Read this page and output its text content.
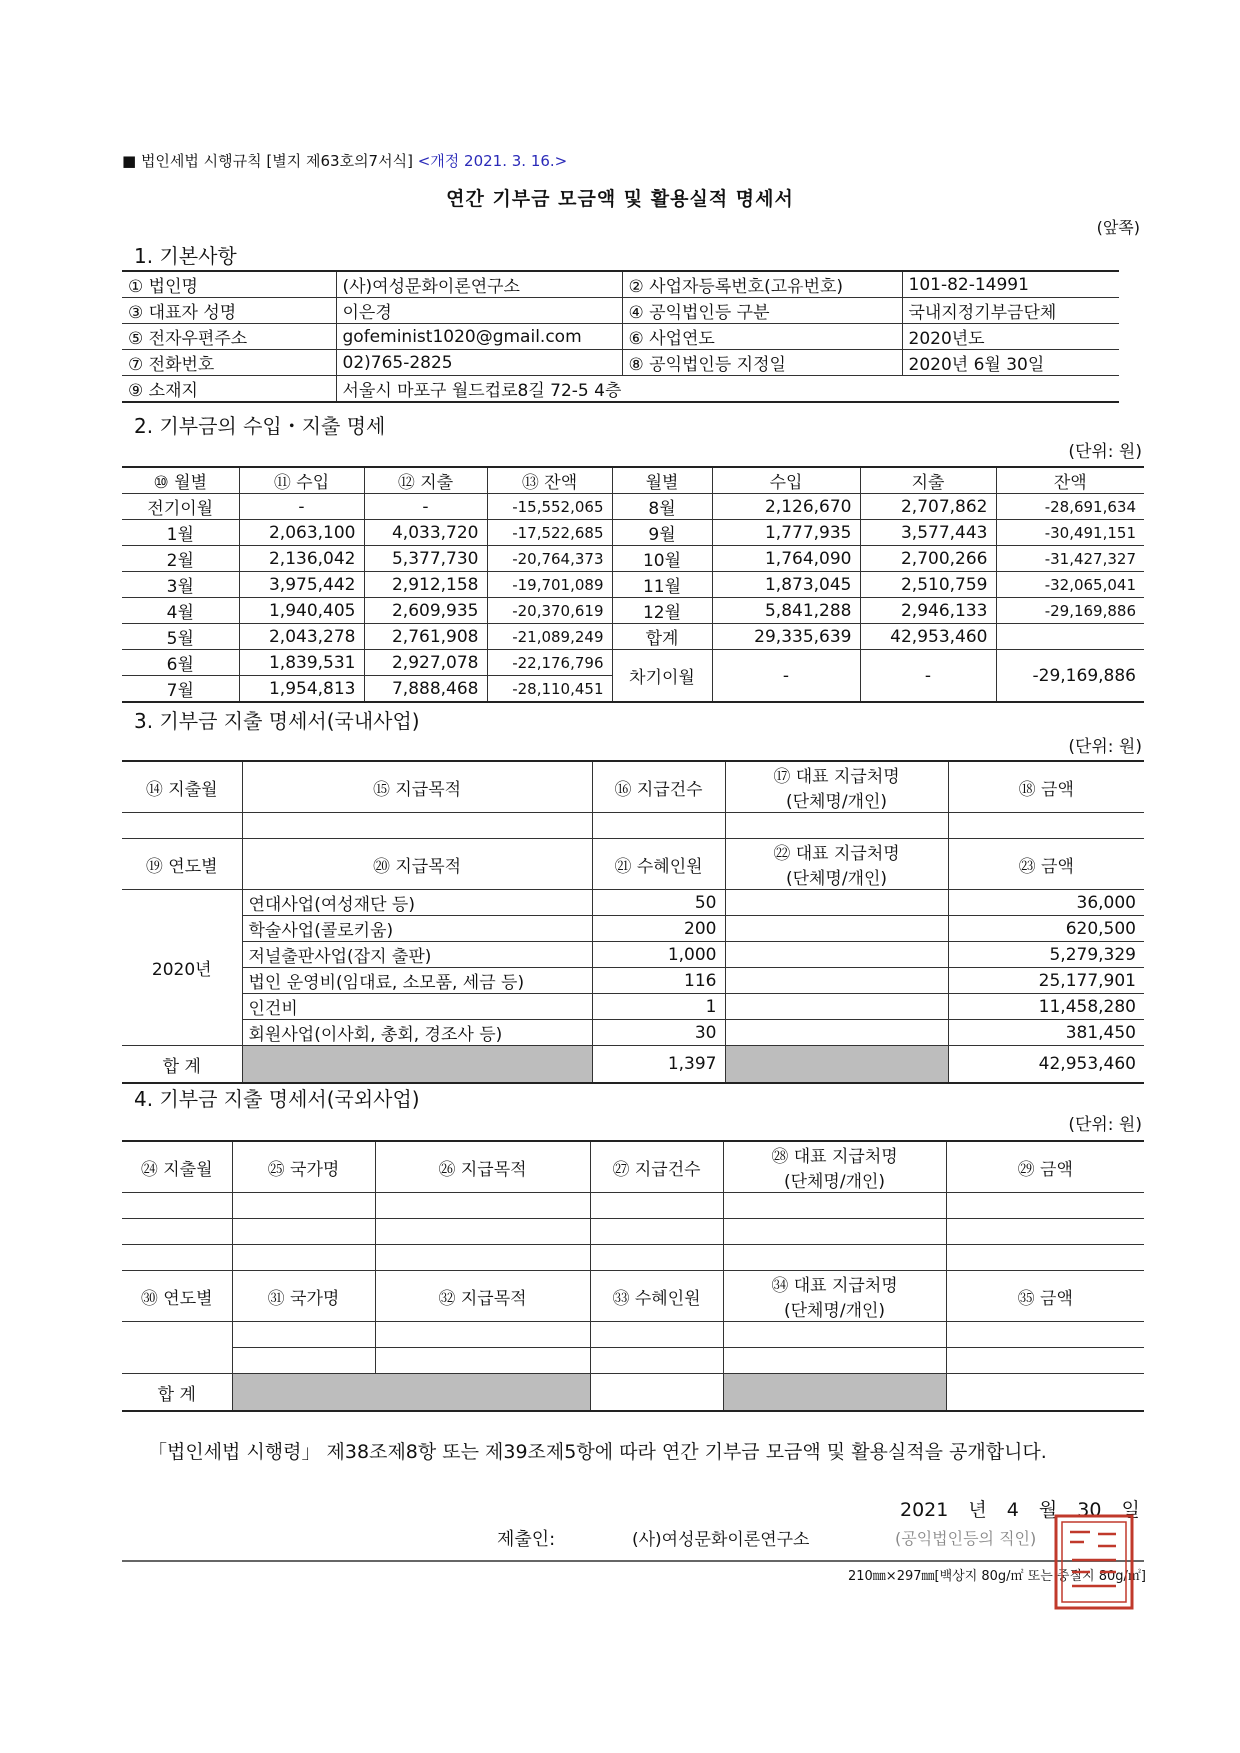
■ 법인세법 시행규칙 [별지 제63호의7서식] <개정 2021. 3. 16.>
연간 기부금 모금액 및 활용실적 명세서
(앞쪽)
1. 기본사항
① 법인명	(사)여성문화이론연구소	② 사업자등록번호(고유번호)	101-82-14991
③ 대표자 성명	이은경	④ 공익법인등 구분	국내지정기부금단체
⑤ 전자우편주소	gofeminist1020@gmail.com	⑥ 사업연도	2020년도
⑦ 전화번호	02)765-2825	⑧ 공익법인등 지정일	2020년 6월 30일
⑨ 소재지	서울시 마포구 월드컵로8길 72-5 4층		
2. 기부금의 수입・지출 명세
(단위: 원)
⑩ 월별	⑪ 수입	⑫ 지출	⑬ 잔액	월별	수입	지출	잔액
전기이월	-	-	-15,552,065	8월	2,126,670	2,707,862	-28,691,634
1월	2,063,100	4,033,720	-17,522,685	9월	1,777,935	3,577,443	-30,491,151
2월	2,136,042	5,377,730	-20,764,373	10월	1,764,090	2,700,266	-31,427,327
3월	3,975,442	2,912,158	-19,701,089	11월	1,873,045	2,510,759	-32,065,041
4월	1,940,405	2,609,935	-20,370,619	12월	5,841,288	2,946,133	-29,169,886
5월	2,043,278	2,761,908	-21,089,249	합계	29,335,639	42,953,460	
6월	1,839,531	2,927,078	-22,176,796	차기이월	-	-	-29,169,886
7월	1,954,813	7,888,468	-28,110,451				
3. 기부금 지출 명세서(국내사업)
(단위: 원)
⑭ 지출월	⑮ 지급목적	⑯ 지급건수	⑰ 대표 지급처명
(단체명/개인)	⑱ 금액

⑲ 연도별	⑳ 지급목적	㉑ 수혜인원	㉒ 대표 지급처명
(단체명/개인)	㉓ 금액
2020년	연대사업(여성재단 등)	50		36,000
	학술사업(콜로키움)	200		620,500
	저널출판사업(잡지 출판)	1,000		5,279,329
	법인 운영비(임대료, 소모품, 세금 등)	116		25,177,901
	인건비	1		11,458,280
	회원사업(이사회, 총회, 경조사 등)	30		381,450
합 계		1,397		42,953,460
4. 기부금 지출 명세서(국외사업)
(단위: 원)
㉔ 지출월	㉕ 국가명	㉖ 지급목적	㉗ 지급건수	㉘ 대표 지급처명
(단체명/개인)	㉙ 금액

㉚ 연도별	㉛ 국가명	㉜ 지급목적	㉝ 수혜인원	㉞ 대표 지급처명
(단체명/개인)	㉟ 금액

합 계					
「법인세법 시행령」 제38조제8항 또는 제39조제5항에 따라 연간 기부금 모금액 및 활용실적을 공개합니다.
2021 년 4 월 30 일
제출인:	(사)여성문화이론연구소	(공익법인등의 직인)
210㎜×297㎜[백상지 80g/㎡ 또는 중질지 80g/㎡]
